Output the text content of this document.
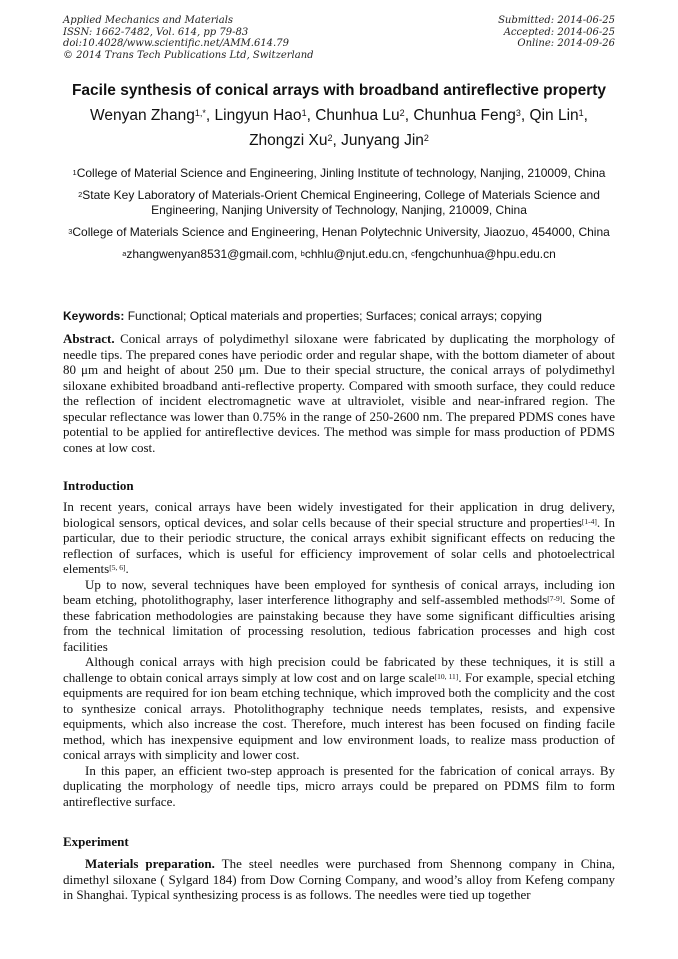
Applied Mechanics and Materials
ISSN: 1662-7482, Vol. 614, pp 79-83
doi:10.4028/www.scientific.net/AMM.614.79
© 2014 Trans Tech Publications Ltd, Switzerland
Submitted: 2014-06-25
Accepted: 2014-06-25
Online: 2014-09-26
Facile synthesis of conical arrays with broadband antireflective property
Wenyan Zhang$^{1,*}$, Lingyun Hao$^1$, Chunhua Lu$^2$, Chunhua Feng$^3$, Qin Lin$^1$,
Zhongzi Xu$^2$, Junyang Jin$^2$
$^1$College of Material Science and Engineering, Jinling Institute of technology, Nanjing, 210009, China
$^2$State Key Laboratory of Materials-Orient Chemical Engineering, College of Materials Science and Engineering, Nanjing University of Technology, Nanjing, 210009, China
$^3$College of Materials Science and Engineering, Henan Polytechnic University, Jiaozuo, 454000, China
$^a$zhangwenyan8531@gmail.com, $^b$chhlu@njut.edu.cn, $^c$fengchunhua@hpu.edu.cn
Keywords: Functional; Optical materials and properties; Surfaces; conical arrays; copying

Abstract. Conical arrays of polydimethyl siloxane were fabricated by duplicating the morphology of needle tips. The prepared cones have periodic order and regular shape, with the bottom diameter of about 80 μm and height of about 250 μm. Due to their special structure, the conical arrays of polydimethyl siloxane exhibited broadband anti-reflective property. Compared with smooth surface, they could reduce the reflection of incident electromagnetic wave at ultraviolet, visible and near-infrared region. The specular reflectance was lower than 0.75% in the range of 250-2600 nm. The prepared PDMS cones have potential to be applied for antireflective devices. The method was simple for mass production of PDMS cones at low cost.

Introduction

In recent years, conical arrays have been widely investigated for their application in drug delivery, biological sensors, optical devices, and solar cells because of their special structure and properties[1-4]. In particular, due to their periodic structure, the conical arrays exhibit significant effects on reducing the reflection of surfaces, which is useful for efficiency improvement of solar cells and photoelectrical elements[5, 6].

Up to now, several techniques have been employed for synthesis of conical arrays, including ion beam etching, photolithography, laser interference lithography and self-assembled methods[7-9]. Some of these fabrication methodologies are painstaking because they have some significant difficulties arising from the technical limitation of processing resolution, tedious fabrication processes and high cost facilities

Although conical arrays with high precision could be fabricated by these techniques, it is still a challenge to obtain conical arrays simply at low cost and on large scale[10, 11]. For example, special etching equipments are required for ion beam etching technique, which improved both the complicity and the cost to synthesize conical arrays. Photolithography technique needs templates, resists, and expensive equipments, which also increase the cost. Therefore, much interest has been focused on finding facile method, which has inexpensive equipment and low environment loads, to realize mass production of conical arrays with simplicity and lower cost.

In this paper, an efficient two-step approach is presented for the fabrication of conical arrays. By duplicating the morphology of needle tips, micro arrays could be prepared on PDMS film to form antireflective surface.

Experiment

Materials preparation. The steel needles were purchased from Shennong company in China, dimethyl siloxane ( Sylgard 184) from Dow Corning Company, and wood’s alloy from Kefeng company in Shanghai. Typical synthesizing process is as follows. The needles were tied up together
